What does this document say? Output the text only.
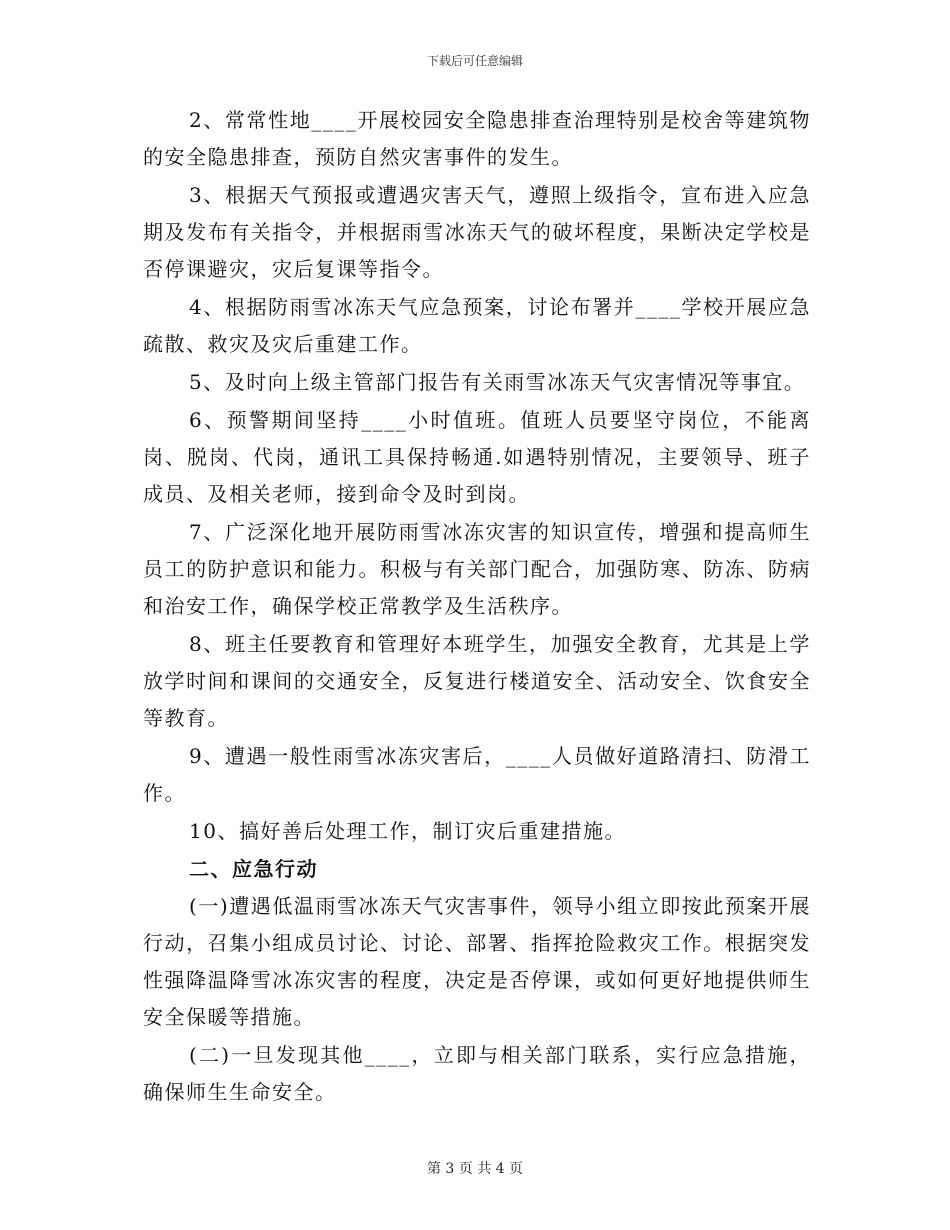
下载后可任意编辑

2、常常性地____开展校园安全隐患排查治理特别是校舍等建筑物的安全隐患排查，预防自然灾害事件的发生。

3、根据天气预报或遭遇灾害天气，遵照上级指令，宣布进入应急期及发布有关指令，并根据雨雪冰冻天气的破坏程度，果断决定学校是否停课避灾，灾后复课等指令。

4、根据防雨雪冰冻天气应急预案，讨论布署并____学校开展应急疏散、救灾及灾后重建工作。

5、及时向上级主管部门报告有关雨雪冰冻天气灾害情况等事宜。

6、预警期间坚持____小时值班。值班人员要坚守岗位，不能离岗、脱岗、代岗，通讯工具保持畅通.如遇特别情况，主要领导、班子成员、及相关老师，接到命令及时到岗。

7、广泛深化地开展防雨雪冰冻灾害的知识宣传，增强和提高师生员工的防护意识和能力。积极与有关部门配合，加强防寒、防冻、防病和治安工作，确保学校正常教学及生活秩序。

8、班主任要教育和管理好本班学生，加强安全教育，尤其是上学放学时间和课间的交通安全，反复进行楼道安全、活动安全、饮食安全等教育。

9、遭遇一般性雨雪冰冻灾害后，____人员做好道路清扫、防滑工作。

10、搞好善后处理工作，制订灾后重建措施。

二、应急行动

(一)遭遇低温雨雪冰冻天气灾害事件，领导小组立即按此预案开展行动，召集小组成员讨论、讨论、部署、指挥抢险救灾工作。根据突发性强降温降雪冰冻灾害的程度，决定是否停课，或如何更好地提供师生安全保暖等措施。

(二)一旦发现其他____，立即与相关部门联系，实行应急措施，确保师生生命安全。

第 3 页 共 4 页
